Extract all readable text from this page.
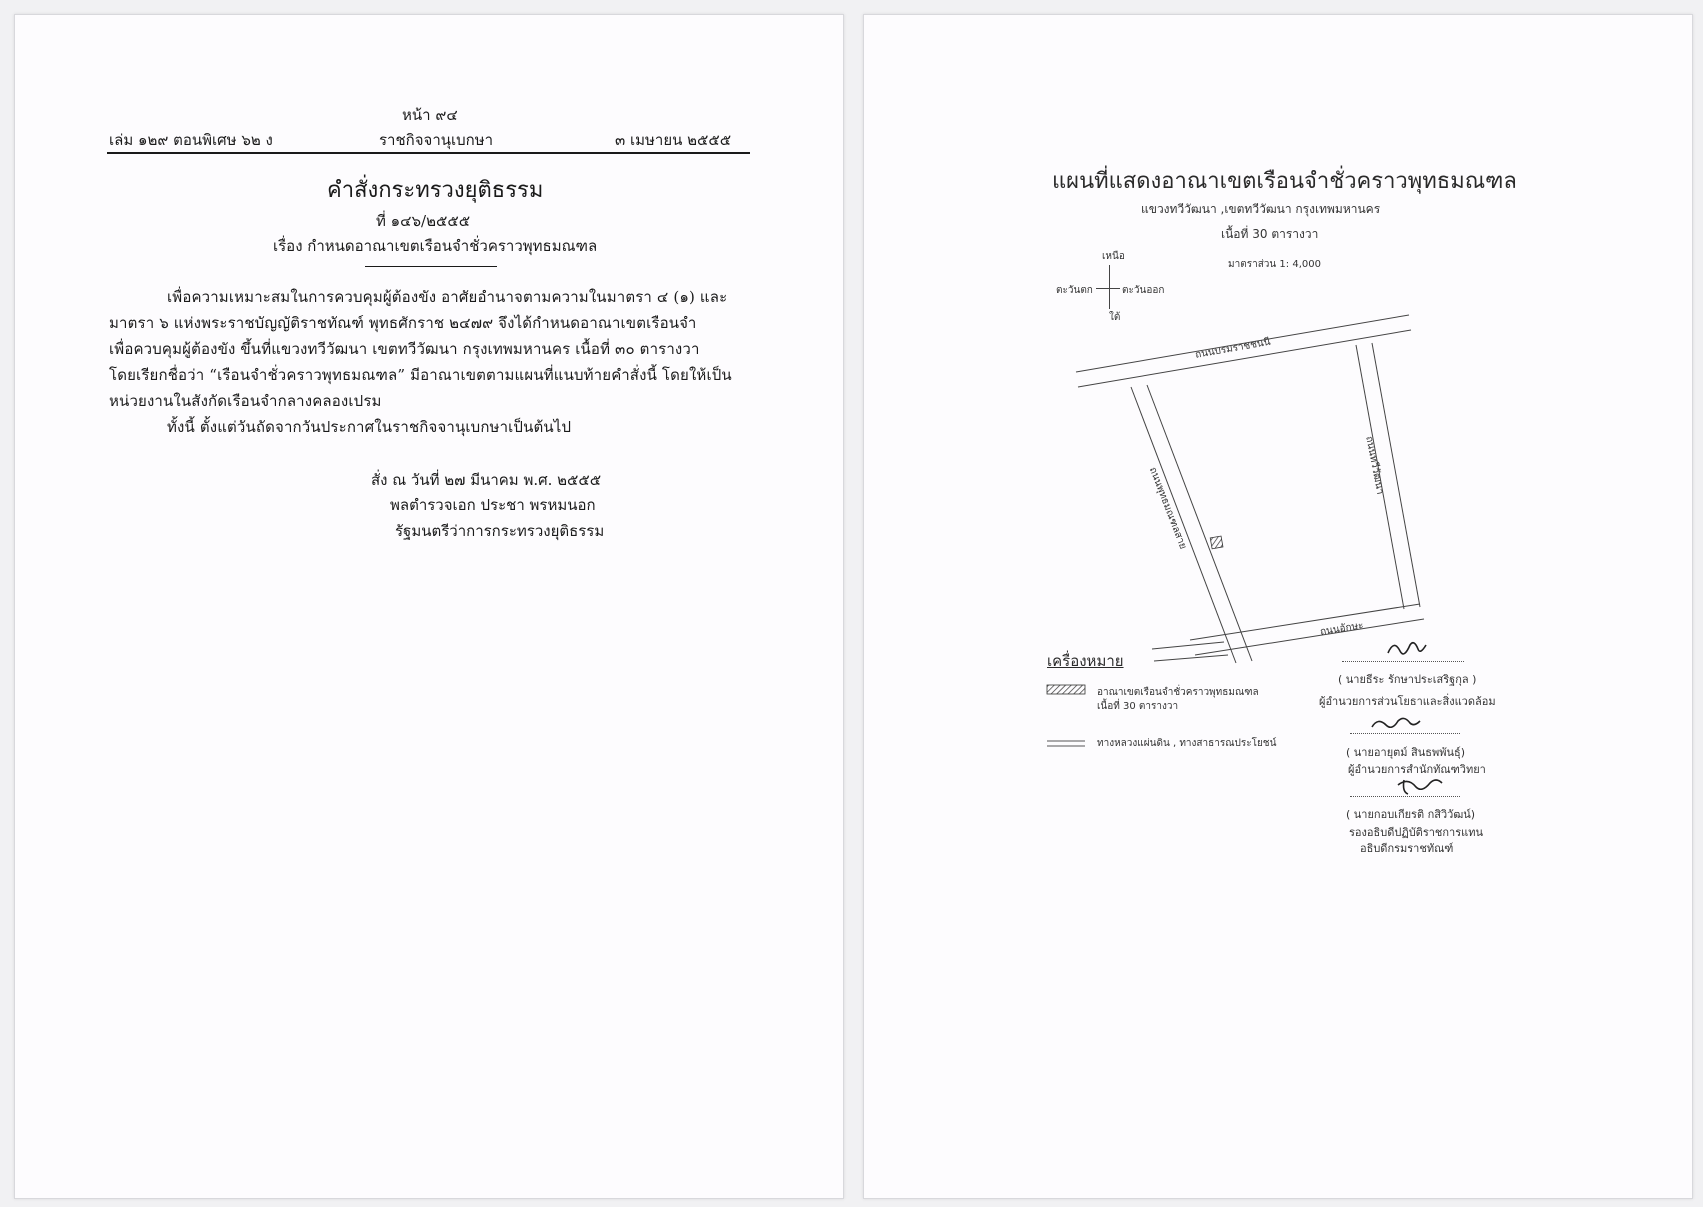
หน้า ๙๔
เล่ม ๑๒๙ ตอนพิเศษ ๖๒ ง	ราชกิจจานุเบกษา	๓ เมษายน ๒๕๕๕
คำสั่งกระทรวงยุติธรรม
ที่ ๑๔๖/๒๕๕๕
เรื่อง กำหนดอาณาเขตเรือนจำชั่วคราวพุทธมณฑล
เพื่อความเหมาะสมในการควบคุมผู้ต้องขัง อาศัยอำนาจตามความในมาตรา ๔ (๑) และ
มาตรา ๖ แห่งพระราชบัญญัติราชทัณฑ์ พุทธศักราช ๒๔๗๙ จึงได้กำหนดอาณาเขตเรือนจำ
เพื่อควบคุมผู้ต้องขัง ขึ้นที่แขวงทวีวัฒนา เขตทวีวัฒนา กรุงเทพมหานคร เนื้อที่ ๓๐ ตารางวา
โดยเรียกชื่อว่า “เรือนจำชั่วคราวพุทธมณฑล” มีอาณาเขตตามแผนที่แนบท้ายคำสั่งนี้ โดยให้เป็น
หน่วยงานในสังกัดเรือนจำกลางคลองเปรม
ทั้งนี้ ตั้งแต่วันถัดจากวันประกาศในราชกิจจานุเบกษาเป็นต้นไป
สั่ง ณ วันที่ ๒๗ มีนาคม พ.ศ. ๒๕๕๕
พลตำรวจเอก ประชา พรหมนอก
รัฐมนตรีว่าการกระทรวงยุติธรรม
แผนที่แสดงอาณาเขตเรือนจำชั่วคราวพุทธมณฑล
แขวงทวีวัฒนา ,เขตทวีวัฒนา กรุงเทพมหานคร
เนื้อที่ 30 ตารางวา
มาตราส่วน 1: 4,000
เหนือ
ตะวันตก	ตะวันออก
ใต้
ถนนบรมราชชนนี
ถนนพุทธมณฑลสาย
ถนนทวีวัฒนา
ถนนอักษะ
เครื่องหมาย
อาณาเขตเรือนจำชั่วคราวพุทธมณฑล
เนื้อที่ 30 ตารางวา
ทางหลวงแผ่นดิน , ทางสาธารณประโยชน์
( นายธีระ รักษาประเสริฐกุล )
ผู้อำนวยการส่วนโยธาและสิ่งแวดล้อม
( นายอายุตม์ สินธพพันธุ์)
ผู้อำนวยการสำนักทัณฑวิทยา
( นายกอบเกียรติ กสิวิวัฒน์)
รองอธิบดีปฏิบัติราชการแทน
อธิบดีกรมราชทัณฑ์
